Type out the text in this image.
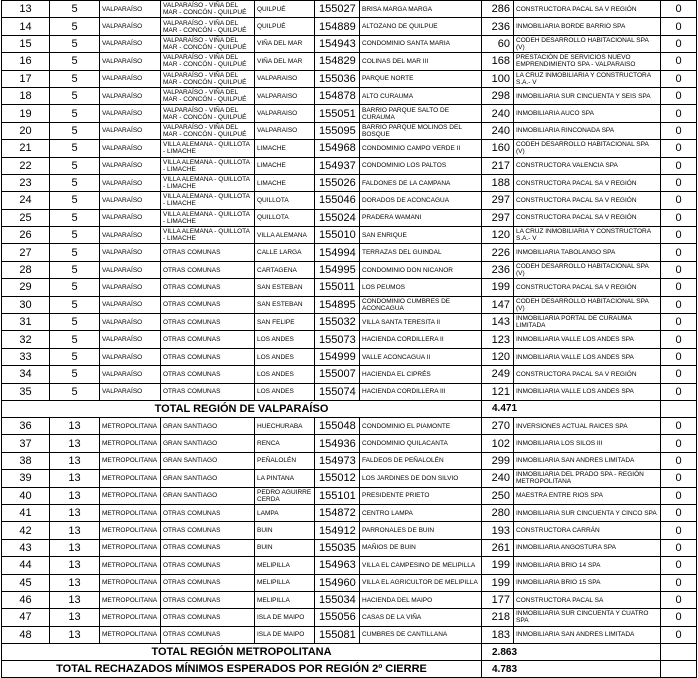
13	5	VALPARAÍSO	VALPARAÍSO - VIÑA DEL MAR - CONCÓN - QUILPUÉ	QUILPUÉ	155027	BRISA MARGA MARGA	286	CONSTRUCTORA PACAL SA V REGIÓN	0
14	5	VALPARAÍSO	VALPARAÍSO - VIÑA DEL MAR - CONCÓN - QUILPUÉ	QUILPUÉ	154889	ALTOZANO DE QUILPUE	236	INMOBILIARIA BORDE BARRIO SPA	0
15	5	VALPARAÍSO	VALPARAÍSO - VIÑA DEL MAR - CONCÓN - QUILPUÉ	VIÑA DEL MAR	154943	CONDOMINIO SANTA MARIA	60	CODEH DESARROLLO HABITACIONAL SPA (V)	0
16	5	VALPARAÍSO	VALPARAÍSO - VIÑA DEL MAR - CONCÓN - QUILPUÉ	VIÑA DEL MAR	154829	COLINAS DEL MAR III	168	PRESTACIÓN DE SERVICIOS NUEVO EMPRENDIMIENTO SPA - VALPARAISO	0
17	5	VALPARAÍSO	VALPARAÍSO - VIÑA DEL MAR - CONCÓN - QUILPUÉ	VALPARAISO	155036	PARQUE NORTE	100	LA CRUZ INMOBILIARIA Y CONSTRUCTORA S.A.- V	0
18	5	VALPARAÍSO	VALPARAÍSO - VIÑA DEL MAR - CONCÓN - QUILPUÉ	VALPARAISO	154878	ALTO CURAUMA	298	INMOBILIARIA SUR CINCUENTA Y SEIS SPA	0
19	5	VALPARAÍSO	VALPARAÍSO - VIÑA DEL MAR - CONCÓN - QUILPUÉ	VALPARAISO	155051	BARRIO PARQUE SALTO DE CURAUMA	240	INMOBILIARIA AUCO SPA	0
20	5	VALPARAÍSO	VALPARAÍSO - VIÑA DEL MAR - CONCÓN - QUILPUÉ	VALPARAISO	155095	BARRIO PARQUE MOLINOS DEL BOSQUE	240	INMOBILIARIA RINCONADA SPA	0
21	5	VALPARAÍSO	VILLA ALEMANA - QUILLOTA - LIMACHE	LIMACHE	154968	CONDOMINIO CAMPO VERDE II	160	CODEH DESARROLLO HABITACIONAL SPA (V)	0
22	5	VALPARAÍSO	VILLA ALEMANA - QUILLOTA - LIMACHE	LIMACHE	154937	CONDOMINIO LOS PALTOS	217	CONSTRUCTORA VALENCIA SPA	0
23	5	VALPARAÍSO	VILLA ALEMANA - QUILLOTA - LIMACHE	LIMACHE	155026	FALDONES DE LA CAMPANA	188	CONSTRUCTORA PACAL SA V REGIÓN	0
24	5	VALPARAÍSO	VILLA ALEMANA - QUILLOTA - LIMACHE	QUILLOTA	155046	DORADOS DE ACONCAGUA	297	CONSTRUCTORA PACAL SA V REGIÓN	0
25	5	VALPARAÍSO	VILLA ALEMANA - QUILLOTA - LIMACHE	QUILLOTA	155024	PRADERA WAMANI	297	CONSTRUCTORA PACAL SA V REGIÓN	0
26	5	VALPARAÍSO	VILLA ALEMANA - QUILLOTA - LIMACHE	VILLA ALEMANA	155010	SAN ENRIQUE	120	LA CRUZ INMOBILIARIA Y CONSTRUCTORA S.A.- V	0
27	5	VALPARAÍSO	OTRAS COMUNAS	CALLE LARGA	154994	TERRAZAS DEL GUINDAL	226	INMOBILIARIA TABOLANGO SPA	0
28	5	VALPARAÍSO	OTRAS COMUNAS	CARTAGENA	154995	CONDOMINIO DON NICANOR	236	CODEH DESARROLLO HABITACIONAL SPA (V)	0
29	5	VALPARAÍSO	OTRAS COMUNAS	SAN ESTEBAN	155011	LOS PEUMOS	199	CONSTRUCTORA PACAL SA V REGIÓN	0
30	5	VALPARAÍSO	OTRAS COMUNAS	SAN ESTEBAN	154895	CONDOMINIO CUMBRES DE ACONCAGUA	147	CODEH DESARROLLO HABITACIONAL SPA (V)	0
31	5	VALPARAÍSO	OTRAS COMUNAS	SAN FELIPE	155032	VILLA SANTA TERESITA II	143	INMOBILIARIA PORTAL DE CURAUMA LIMITADA	0
32	5	VALPARAÍSO	OTRAS COMUNAS	LOS ANDES	155073	HACIENDA CORDILLERA II	123	INMOBILIARIA VALLE LOS ANDES SPA	0
33	5	VALPARAÍSO	OTRAS COMUNAS	LOS ANDES	154999	VALLE ACONCAGUA II	120	INMOBILIARIA VALLE LOS ANDES SPA	0
34	5	VALPARAÍSO	OTRAS COMUNAS	LOS ANDES	155007	HACIENDA EL CIPRÉS	249	CONSTRUCTORA PACAL SA V REGIÓN	0
35	5	VALPARAÍSO	OTRAS COMUNAS	LOS ANDES	155074	HACIENDA CORDILLERA III	121	INMOBILIARIA VALLE LOS ANDES SPA	0
TOTAL REGIÓN DE VALPARAÍSO							4.471		
36	13	METROPOLITANA	GRAN SANTIAGO	HUECHURABA	155048	CONDOMINIO EL PIAMONTE	270	INVERSIONES ACTUAL RAICES SPA	0
37	13	METROPOLITANA	GRAN SANTIAGO	RENCA	154936	CONDOMINIO QUILACANTA	102	INMOBILIARIA LOS SILOS III	0
38	13	METROPOLITANA	GRAN SANTIAGO	PEÑALOLÉN	154973	FALDEOS DE PEÑALOLÉN	299	INMOBILIARIA SAN ANDRES LIMITADA	0
39	13	METROPOLITANA	GRAN SANTIAGO	LA PINTANA	155012	LOS JARDINES DE DON SILVIO	240	INMOBILIARIA DEL PRADO SPA - REGIÓN METROPOLITANA	0
40	13	METROPOLITANA	GRAN SANTIAGO	PEDRO AGUIRRE CERDA	155101	PRESIDENTE PRIETO	250	MAESTRA ENTRE RIOS SPA	0
41	13	METROPOLITANA	OTRAS COMUNAS	LAMPA	154872	CENTRO LAMPA	280	INMOBILIARIA SUR CINCUENTA Y CINCO SPA	0
42	13	METROPOLITANA	OTRAS COMUNAS	BUIN	154912	PARRONALES DE BUIN	193	CONSTRUCTORA CARRÁN	0
43	13	METROPOLITANA	OTRAS COMUNAS	BUIN	155035	MAÑIOS DE BUIN	261	INMOBILIARIA ANGOSTURA SPA	0
44	13	METROPOLITANA	OTRAS COMUNAS	MELIPILLA	154963	VILLA EL CAMPESINO DE MELIPILLA	199	INMOBILIARIA BRIO 14 SPA	0
45	13	METROPOLITANA	OTRAS COMUNAS	MELIPILLA	154960	VILLA EL AGRICULTOR DE MELIPILLA	199	INMOBILIARIA BRIO 15 SPA	0
46	13	METROPOLITANA	OTRAS COMUNAS	MELIPILLA	155034	HACIENDA DEL MAIPO	177	CONSTRUCTORA PACAL SA	0
47	13	METROPOLITANA	OTRAS COMUNAS	ISLA DE MAIPO	155056	CASAS DE LA VIÑA	218	INMOBILIARIA SUR CINCUENTA Y CUATRO SPA	0
48	13	METROPOLITANA	OTRAS COMUNAS	ISLA DE MAIPO	155081	CUMBRES DE CANTILLANA	183	INMOBILIARIA SAN ANDRES LIMITADA	0
TOTAL REGIÓN METROPOLITANA							2.863		
TOTAL RECHAZADOS MÍNIMOS ESPERADOS POR REGIÓN 2º CIERRE							4.783		
